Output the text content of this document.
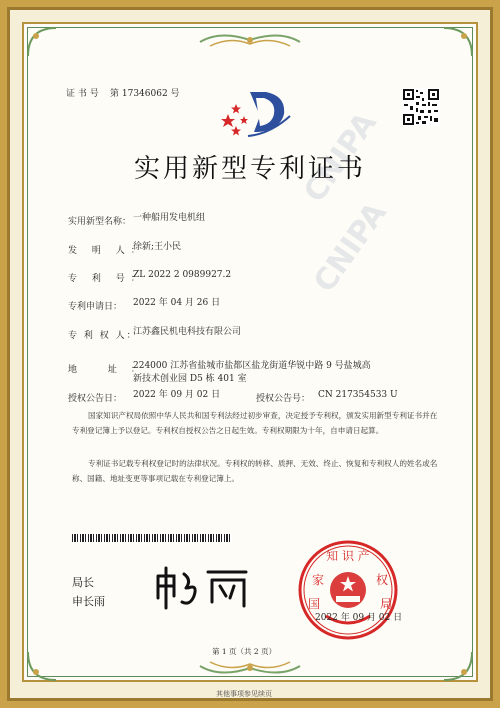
CNIPA
CNIPA
证 书 号 第 17346062 号
实用新型专利证书
实用新型名称： 一种船用发电机组
发 明 人：
徐新;王小民
专 利 号：
ZL 2022 2 0989927.2
专利申请日： 2022 年 04 月 26 日
专 利 权 人：
江苏鑫民机电科技有限公司
地 址：
224000 江苏省盐城市盐都区盐龙街道华锐中路 9 号盐城高
新技术创业园 D5 栋 401 室
授权公告日： 2022 年 09 月 02 日	授权公告号： CN 217354533 U
国家知识产权局依照中华人民共和国专利法经过初步审查，决定授予专利权，颁发实用新型专利证书并在专利登记簿上予以登记。专利权自授权公告之日起生效。专利权期限为十年，自申请日起算。
专利证书记载专利权登记时的法律状况。专利权的转移、质押、无效、终止、恢复和专利权人的姓名或名称、国籍、地址变更等事项记载在专利登记簿上。
局长
申长雨
知 识 产
家	权
国	局
2022 年 09 月 02 日
第 1 页（共 2 页）
其他事项参见续页
